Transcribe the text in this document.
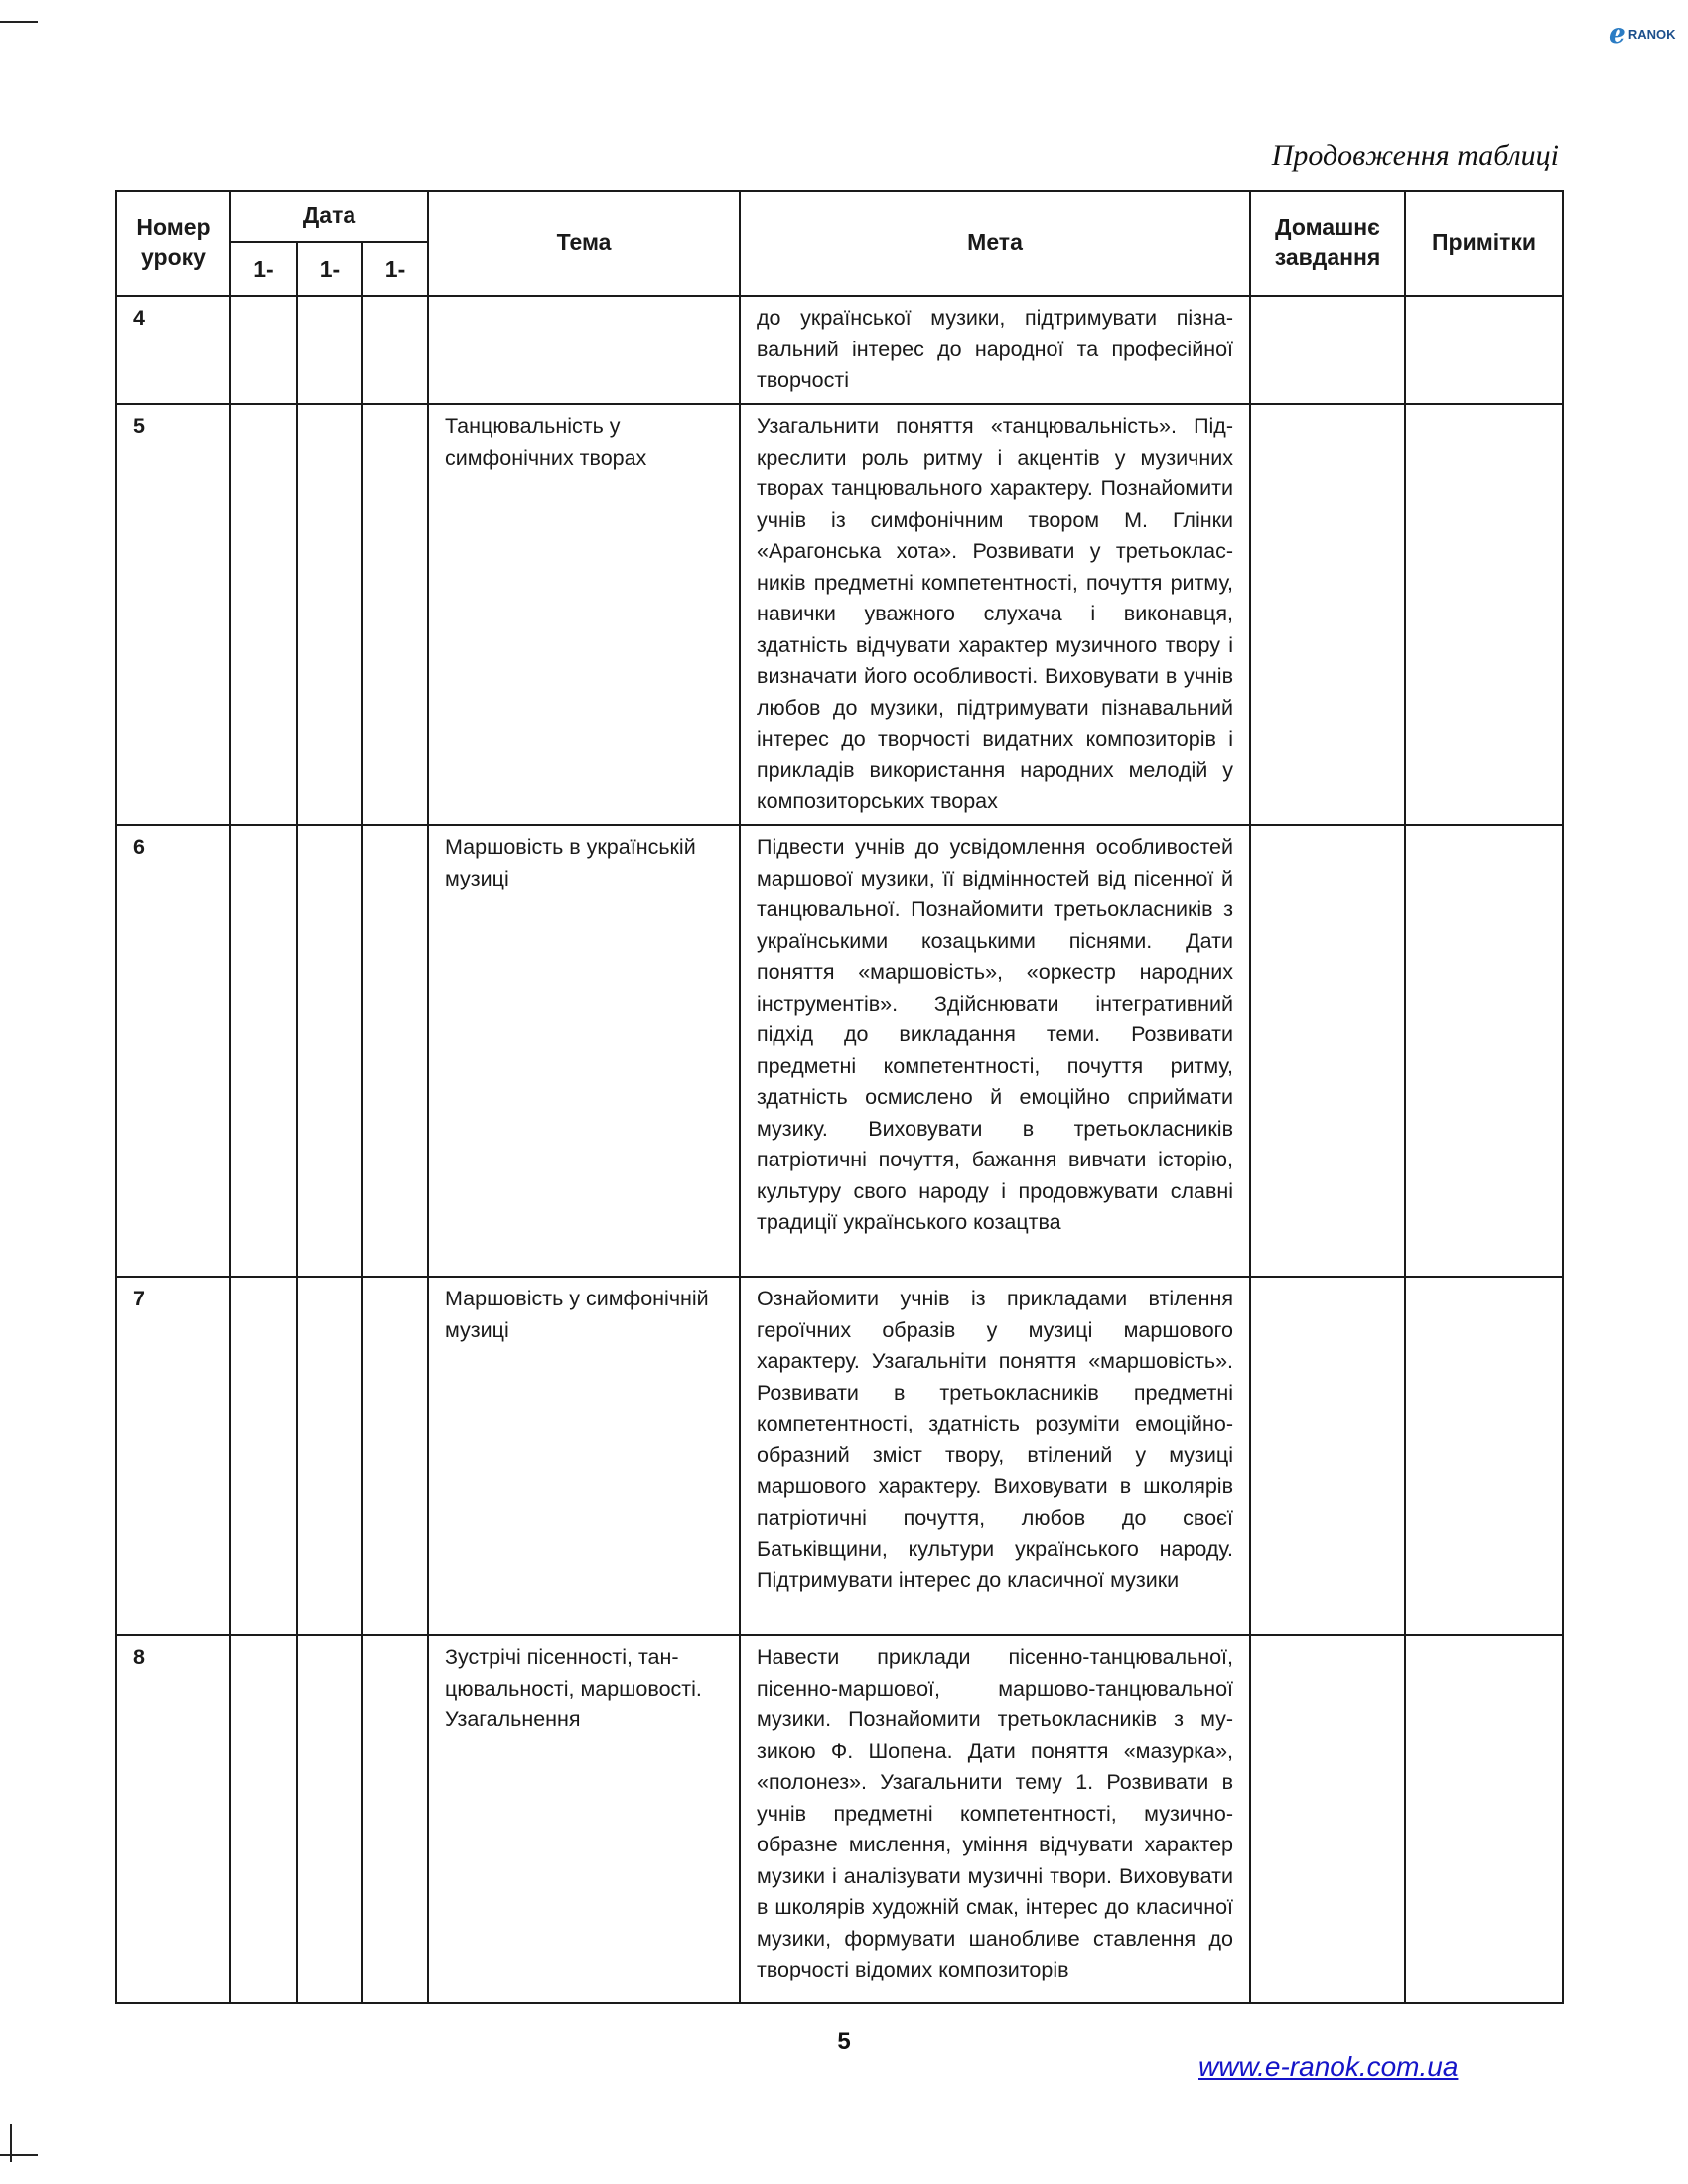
e RANOK
Продовження таблиці
Номер уроку	Дата			Тема	Мета	Домашнє завдання	Примітки
	1-	1-	1-				
4					до української музики, підтримувати пізнавальний інтерес до народної та професійної творчості		
5				Танцювальність у симфонічних творах	Узагальнити поняття «танцювальність». Підкреслити роль ритму і акцентів у музичних творах танцювального характеру. Познайомити учнів із симфонічним твором М. Глінки «Арагонська хота». Розвивати у третьокласників предметні компетентності, почуття ритму, навички уважного слухача і виконавця, здатність відчувати характер музичного твору і визначати його особливості. Виховувати в учнів любов до музики, підтримувати пізнавальний інтерес до творчості видатних композиторів і прикладів використання народних мелодій у композиторських творах		
6				Маршовість в українській музиці	Підвести учнів до усвідомлення особливостей маршової музики, її відмінностей від пісенної й танцювальної. Познайомити третьокласників з українськими козацькими піснями. Дати поняття «маршовість», «оркестр народних інструментів». Здійснювати інтегративний підхід до викладання теми. Розвивати предметні компетентності, почуття ритму, здатність осмислено й емоційно сприймати музику. Виховувати в третьокласників патріотичні почуття, бажання вивчати історію, культуру свого народу і продовжувати славні традиції українського козацтва		
7				Маршовість у симфонічній музиці	Ознайомити учнів із прикладами втілення героїчних образів у музиці маршового характеру. Узагальніти поняття «маршовість». Розвивати в третьокласників предметні компетентності, здатність розуміти емоційно-образний зміст твору, втілений у музиці маршового характеру. Виховувати в школярів патріотичні почуття, любов до своєї Батьківщини, культури українського народу. Підтримувати інтерес до класичної музики		
8				Зустрічі пісенності, танцювальності, маршовості. Узагальнення	Навести приклади пісенно-танцювальної, пісенно-маршової, маршово-танцювальної музики. Познайомити третьокласників з музикою Ф. Шопена. Дати поняття «мазурка», «полонез». Узагальнити тему 1. Розвивати в учнів предметні компетентності, музично-образне мислення, уміння відчувати характер музики і аналізувати музичні твори. Виховувати в школярів художній смак, інтерес до класичної музики, формувати шанобливе ставлення до творчості відомих композиторів		
5
www.e-ranok.com.ua
